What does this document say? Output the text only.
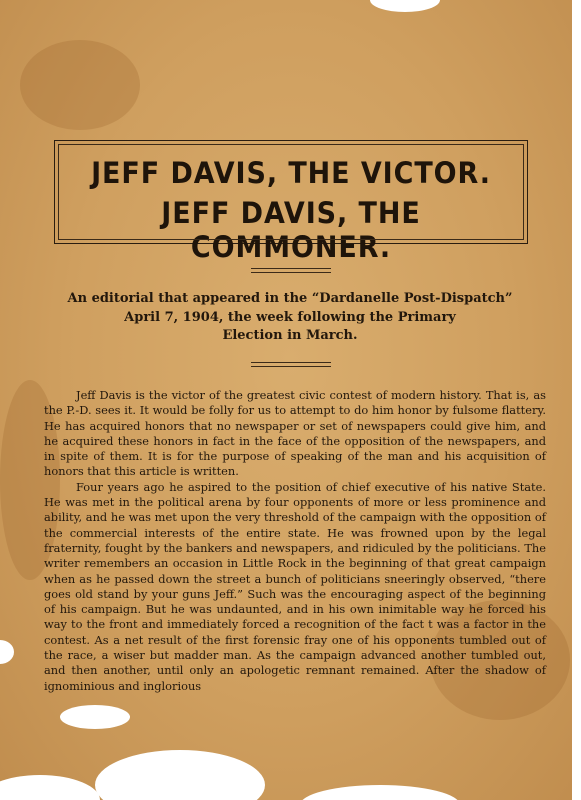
JEFF DAVIS, THE VICTOR.
JEFF DAVIS, THE COMMONER.
An editorial that appeared in the “Dardanelle Post-Dispatch”
April 7, 1904, the week following the Primary
Election in March.

Jeff Davis is the victor of the greatest civic contest of modern history. That is, as the P.-D. sees it. It would be folly for us to attempt to do him honor by fulsome flattery. He has acquired honors that no newspaper or set of newspapers could give him, and he acquired these honors in fact in the face of the opposition of the newspapers, and in spite of them. It is for the purpose of speaking of the man and his acquisition of honors that this article is written.

Four years ago he aspired to the position of chief executive of his native State. He was met in the political arena by four opponents of more or less prominence and ability, and he was met upon the very threshold of the campaign with the opposition of the commercial interests of the entire state. He was frowned upon by the legal fraternity, fought by the bankers and newspapers, and ridiculed by the politicians. The writer remembers an occasion in Little Rock in the beginning of that great campaign when as he passed down the street a bunch of politicians sneeringly observed, “there goes old stand by your guns Jeff.” Such was the encouraging aspect of the beginning of his campaign. But he was undaunted, and in his own inimitable way he forced his way to the front and immediately forced a recognition of the fact t was a factor in the contest. As a net result of the first forensic fray one of his opponents tumbled out of the race, a wiser but madder man. As the campaign advanced another tumbled out, and then another, until only an apologetic remnant remained. After the shadow of ignominious and inglorious
